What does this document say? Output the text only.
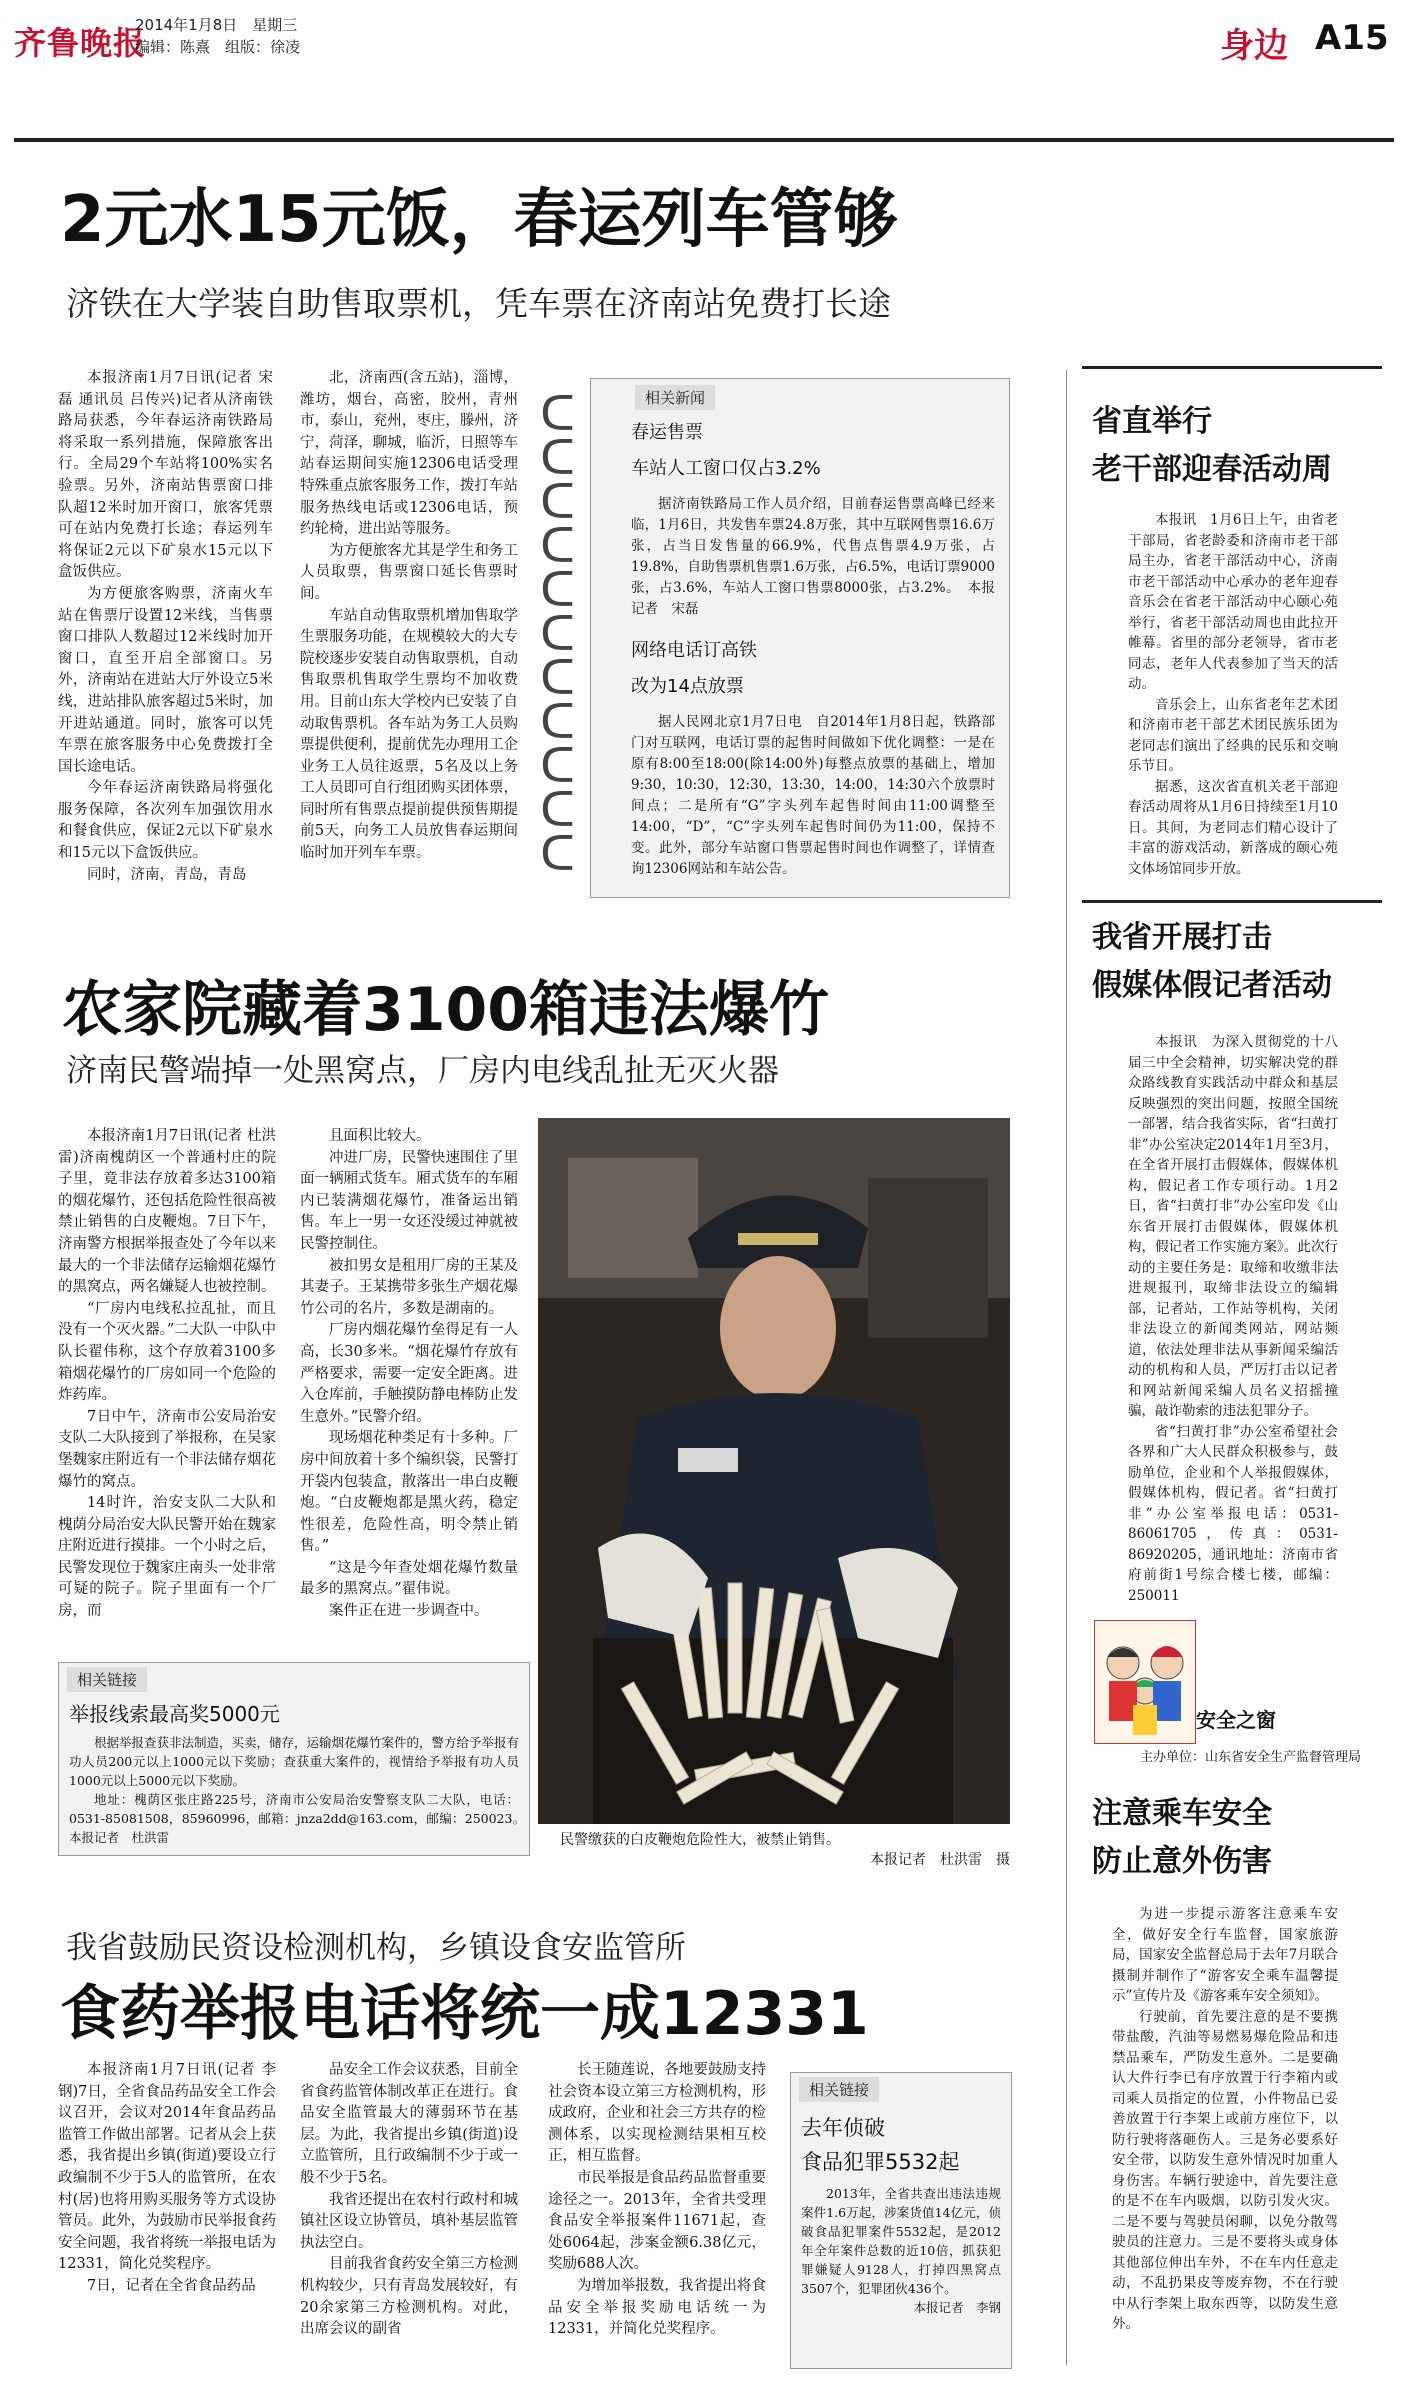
齐鲁晚报
2014年1月8日　星期三
编辑：陈熹　组版：徐凌	身边 A15
2元水15元饭，春运列车管够
济铁在大学装自助售取票机，凭车票在济南站免费打长途

本报济南1月7日讯(记者 宋磊 通讯员 吕传兴)记者从济南铁路局获悉，今年春运济南铁路局将采取一系列措施，保障旅客出行。全局29个车站将100%实名验票。另外，济南站售票窗口排队超12米时加开窗口，旅客凭票可在站内免费打长途；春运列车将保证2元以下矿泉水15元以下盒饭供应。

为方便旅客购票，济南火车站在售票厅设置12米线，当售票窗口排队人数超过12米线时加开窗口，直至开启全部窗口。另外，济南站在进站大厅外设立5米线，进站排队旅客超过5米时，加开进站通道。同时，旅客可以凭车票在旅客服务中心免费拨打全国长途电话。

今年春运济南铁路局将强化服务保障，各次列车加强饮用水和餐食供应，保证2元以下矿泉水和15元以下盒饭供应。

同时，济南，青岛，青岛

北，济南西(含五站)，淄博，潍坊，烟台，高密，胶州，青州市，泰山，兖州，枣庄，滕州，济宁，菏泽，聊城，临沂，日照等车站春运期间实施12306电话受理特殊重点旅客服务工作，拨打车站服务热线电话或12306电话，预约轮椅，进出站等服务。

为方便旅客尤其是学生和务工人员取票，售票窗口延长售票时间。

车站自动售取票机增加售取学生票服务功能，在规模较大的大专院校逐步安装自动售取票机，自动售取票机售取学生票均不加收费用。目前山东大学校内已安装了自动取售票机。各车站为务工人员购票提供便利，提前优先办理用工企业务工人员往返票，5名及以上务工人员即可自行组团购买团体票，同时所有售票点提前提供预售期提前5天，向务工人员放售春运期间临时加开列车车票。

ᑕ
ᑕ
ᑕ
ᑕ
ᑕ
ᑕ
ᑕ
ᑕ
ᑕ
ᑕ
ᑕ
相关新闻
春运售票
车站人工窗口仅占3.2%

据济南铁路局工作人员介绍，目前春运售票高峰已经来临，1月6日，共发售车票24.8万张，其中互联网售票16.6万张，占当日发售量的66.9%，代售点售票4.9万张，占19.8%，自助售票机售票1.6万张，占6.5%，电话订票9000张，占3.6%，车站人工窗口售票8000张，占3.2%。　本报记者　宋磊

网络电话订高铁
改为14点放票

据人民网北京1月7日电　自2014年1月8日起，铁路部门对互联网，电话订票的起售时间做如下优化调整：一是在原有8:00至18:00(除14:00外)每整点放票的基础上，增加9:30，10:30，12:30，13:30，14:00，14:30六个放票时间点；二是所有“G”字头列车起售时间由11:00调整至14:00，“D”，“C”字头列车起售时间仍为11:00，保持不变。此外，部分车站窗口售票起售时间也作调整了，详情查询12306网站和车站公告。

农家院藏着3100箱违法爆竹
济南民警端掉一处黑窝点，厂房内电线乱扯无灭火器

本报济南1月7日讯(记者 杜洪雷)济南槐荫区一个普通村庄的院子里，竟非法存放着多达3100箱的烟花爆竹，还包括危险性很高被禁止销售的白皮鞭炮。7日下午，济南警方根据举报查处了今年以来最大的一个非法储存运输烟花爆竹的黑窝点，两名嫌疑人也被控制。

“厂房内电线私拉乱扯，而且没有一个灭火器。”二大队一中队中队长翟伟称，这个存放着3100多箱烟花爆竹的厂房如同一个危险的炸药库。

7日中午，济南市公安局治安支队二大队接到了举报称，在吴家堡魏家庄附近有一个非法储存烟花爆竹的窝点。

14时许，治安支队二大队和槐荫分局治安大队民警开始在魏家庄附近进行摸排。一个小时之后，民警发现位于魏家庄南头一处非常可疑的院子。院子里面有一个厂房，而

且面积比较大。

冲进厂房，民警快速围住了里面一辆厢式货车。厢式货车的车厢内已装满烟花爆竹，准备运出销售。车上一男一女还没缓过神就被民警控制住。

被扣男女是租用厂房的王某及其妻子。王某携带多张生产烟花爆竹公司的名片，多数是湖南的。

厂房内烟花爆竹垒得足有一人高，长30多米。“烟花爆竹存放有严格要求，需要一定安全距离。进入仓库前，手触摸防静电棒防止发生意外。”民警介绍。

现场烟花种类足有十多种。厂房中间放着十多个编织袋，民警打开袋内包装盒，散落出一串白皮鞭炮。“白皮鞭炮都是黑火药，稳定性很差，危险性高，明令禁止销售。”

“这是今年查处烟花爆竹数量最多的黑窝点。”翟伟说。

案件正在进一步调查中。

相关链接
举报线索最高奖5000元

根据举报查获非法制造，买卖，储存，运输烟花爆竹案件的，警方给予举报有功人员200元以上1000元以下奖励；查获重大案件的，视情给予举报有功人员1000元以上5000元以下奖励。

地址：槐荫区张庄路225号，济南市公安局治安警察支队二大队，电话：0531-85081508，85960996，邮箱：jnza2dd@163.com，邮编：250023。　本报记者　杜洪雷	民警缴获的白皮鞭炮危险性大，被禁止销售。
本报记者　杜洪雷　摄
我省鼓励民资设检测机构，乡镇设食安监管所
食药举报电话将统一成12331

本报济南1月7日讯(记者 李钢)7日，全省食品药品安全工作会议召开，会议对2014年食品药品监管工作做出部署。记者从会上获悉，我省提出乡镇(街道)要设立行政编制不少于5人的监管所，在农村(居)也将用购买服务等方式设协管员。此外，为鼓励市民举报食药安全问题，我省将统一举报电话为12331，简化兑奖程序。

7日，记者在全省食品药品

品安全工作会议获悉，目前全省食药监管体制改革正在进行。食品安全监管最大的薄弱环节在基层。为此，我省提出乡镇(街道)设立监管所，且行政编制不少于或一般不少于5名。

我省还提出在农村行政村和城镇社区设立协管员，填补基层监管执法空白。

目前我省食药安全第三方检测机构较少，只有青岛发展较好，有20余家第三方检测机构。对此，出席会议的副省

长王随莲说，各地要鼓励支持社会资本设立第三方检测机构，形成政府，企业和社会三方共存的检测体系，以实现检测结果相互校正，相互监督。

市民举报是食品药品监督重要途径之一。2013年，全省共受理食品安全举报案件11671起，查处6064起，涉案金额6.38亿元，奖励688人次。

为增加举报数，我省提出将食品安全举报奖励电话统一为12331，并简化兑奖程序。

相关链接
去年侦破
食品犯罪5532起

2013年，全省共查出违法违规案件1.6万起，涉案货值14亿元，侦破食品犯罪案件5532起，是2012年全年案件总数的近10倍，抓获犯罪嫌疑人9128人，打掉四黑窝点3507个，犯罪团伙436个。

本报记者　李钢
省直举行
老干部迎春活动周

本报讯　1月6日上午，由省老干部局，省老龄委和济南市老干部局主办，省老干部活动中心，济南市老干部活动中心承办的老年迎春音乐会在省老干部活动中心颐心苑举行，省老干部活动周也由此拉开帷幕。省里的部分老领导，省市老同志，老年人代表参加了当天的活动。

音乐会上，山东省老年艺术团和济南市老干部艺术团民族乐团为老同志们演出了经典的民乐和交响乐节目。

据悉，这次省直机关老干部迎春活动周将从1月6日持续至1月10日。其间，为老同志们精心设计了丰富的游戏活动，新落成的颐心苑文体场馆同步开放。

我省开展打击
假媒体假记者活动

本报讯　为深入贯彻党的十八届三中全会精神，切实解决党的群众路线教育实践活动中群众和基层反映强烈的突出问题，按照全国统一部署，结合我省实际，省“扫黄打非”办公室决定2014年1月至3月，在全省开展打击假媒体，假媒体机构，假记者工作专项行动。1月2日，省“扫黄打非”办公室印发《山东省开展打击假媒体，假媒体机构，假记者工作实施方案》。此次行动的主要任务是：取缔和收缴非法进规报刊，取缔非法设立的编辑部，记者站，工作站等机构，关闭非法设立的新闻类网站，网站频道，依法处理非法从事新闻采编活动的机构和人员，严厉打击以记者和网站新闻采编人员名义招摇撞骗，敲诈勒索的违法犯罪分子。

省“扫黄打非”办公室希望社会各界和广大人民群众积极参与，鼓励单位，企业和个人举报假媒体，假媒体机构，假记者。省“扫黄打非”办公室举报电话：0531-86061705，传真：0531-86920205，通讯地址：济南市省府前街1号综合楼七楼，邮编：250011

安全之窗
主办单位：山东省安全生产监督管理局
注意乘车安全
防止意外伤害

为进一步提示游客注意乘车安全，做好安全行车监督，国家旅游局，国家安全监督总局于去年7月联合摄制并制作了“游客安全乘车温馨提示”宣传片及《游客乘车安全须知》。

行驶前，首先要注意的是不要携带盐酸，汽油等易燃易爆危险品和违禁品乘车，严防发生意外。二是要确认大件行李已有序放置于行李箱内或司乘人员指定的位置，小件物品已妥善放置于行李架上或前方座位下，以防行驶将落砸伤人。三是务必要系好安全带，以防发生意外情况时加重人身伤害。车辆行驶途中，首先要注意的是不在车内吸烟，以防引发火灾。二是不要与驾驶员闲聊，以免分散驾驶员的注意力。三是不要将头或身体其他部位伸出车外，不在车内任意走动，不乱扔果皮等废弃物，不在行驶中从行李架上取东西等，以防发生意外。
